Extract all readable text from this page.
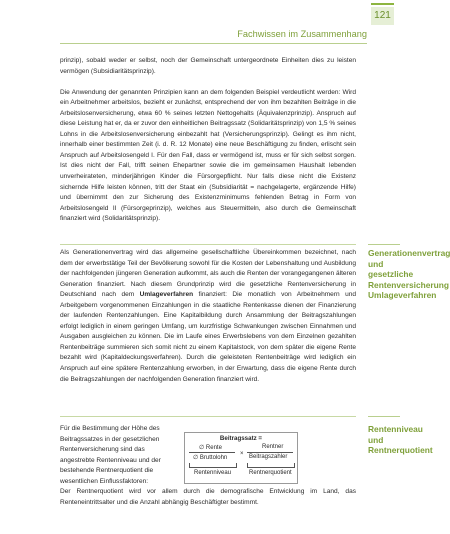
121
Fachwissen im Zusammenhang

prinzip), sobald weder er selbst, noch der Gemeinschaft untergeordnete Einheiten dies zu leisten vermögen (Subsidiaritätsprinzip).

Die Anwendung der genannten Prinzipien kann an dem folgenden Beispiel verdeutlicht werden: Wird ein Arbeitnehmer arbeitslos, bezieht er zunächst, entsprechend der von ihm bezahlten Beiträge in die Arbeitslosenversicherung, etwa 60 % seines letzten Nettogehalts (Äquivalenzprinzip). Anspruch auf diese Leistung hat er, da er zuvor den einheitlichen Beitragssatz (Solidaritätsprinzip) von 1,5 % seines Lohns in die Arbeitslosenversicherung einbezahlt hat (Versicherungsprinzip). Gelingt es ihm nicht, innerhalb einer bestimmten Zeit (i. d. R. 12 Monate) eine neue Beschäftigung zu finden, erlischt sein Anspruch auf Arbeitslosengeld I. Für den Fall, dass er vermögend ist, muss er für sich selbst sorgen. Ist dies nicht der Fall, trifft seinen Ehepartner sowie die im gemeinsamen Haushalt lebenden unverheirateten, minderjährigen Kinder die Fürsorgepflicht. Nur falls diese nicht die Existenz sichernde Hilfe leisten können, tritt der Staat ein (Subsidiarität = nachgelagerte, ergänzende Hilfe) und übernimmt den zur Sicherung des Existenzminimums fehlenden Betrag in Form von Arbeitslosengeld II (Fürsorgeprinzip), welches aus Steuermitteln, also durch die Gemeinschaft finanziert wird (Solidaritätsprinzip).

Generationenvertrag und gesetzliche Rentenversicherung Umlageverfahren

Als Generationenvertrag wird das allgemeine gesellschaftliche Übereinkommen bezeichnet, nach dem der erwerbstätige Teil der Bevölkerung sowohl für die Kosten der Lebenshaltung und Ausbildung der nachfolgenden jüngeren Generation aufkommt, als auch die Renten der vorangegangenen älteren Generation finanziert. Nach diesem Grundprinzip wird die gesetzliche Rentenversicherung in Deutschland nach dem Umlageverfahren finanziert: Die monatlich von Arbeitnehmern und Arbeitgebern vorgenommenen Einzahlungen in die staatliche Rentenkasse dienen der Finanzierung der laufenden Rentenzahlungen. Eine Kapitalbildung durch Ansammlung der Beitragszahlungen erfolgt lediglich in einem geringen Umfang, um kurzfristige Schwankungen zwischen Einnahmen und Ausgaben ausgleichen zu können. Die im Laufe eines Erwerbslebens von dem Einzelnen gezahlten Rentenbeiträge summieren sich somit nicht zu einem Kapitalstock, von dem später die eigene Rente bezahlt wird (Kapitaldeckungsverfahren). Durch die geleisteten Rentenbeiträge wird lediglich ein Anspruch auf eine spätere Rentenzahlung erworben, in der Erwartung, dass die eigene Rente durch die Beitragszahlungen der nachfolgenden Generation finanziert wird.

Rentenniveau und Rentnerquotient
Für die Bestimmung der Höhe des Beitragssatzes in der gesetzlichen Rentenversicherung sind das angestrebte Rentenniveau und der bestehende Rentnerquotient die wesentlichen Einflussfaktoren:
Beitragssatz =
∅ Rente
∅ Bruttolohn
×
Rentner
Beitragszahler
Rentenniveau	Rentnerquotient
Der Rentnerquotient wird vor allem durch die demografische Entwicklung im Land, das Renteneintrittsalter und die Anzahl abhängig Beschäftigter bestimmt.
